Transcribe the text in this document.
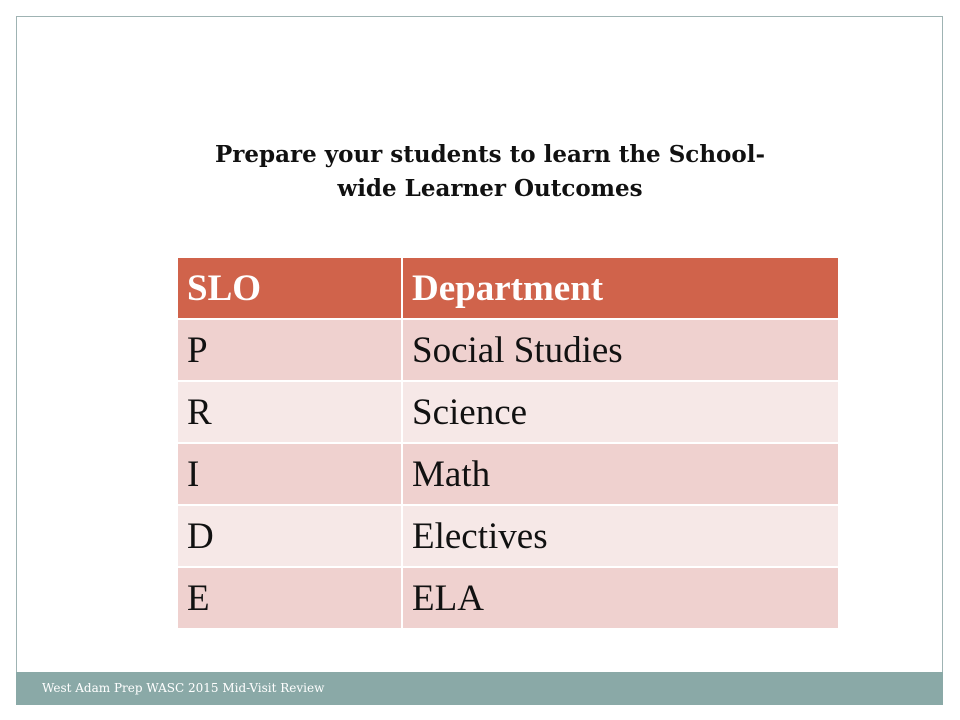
Prepare your students to learn the School-
wide Learner Outcomes
SLO	Department
P	Social Studies
R	Science
I	Math
D	Electives
E	ELA
West Adam Prep WASC 2015 Mid-Visit Review
